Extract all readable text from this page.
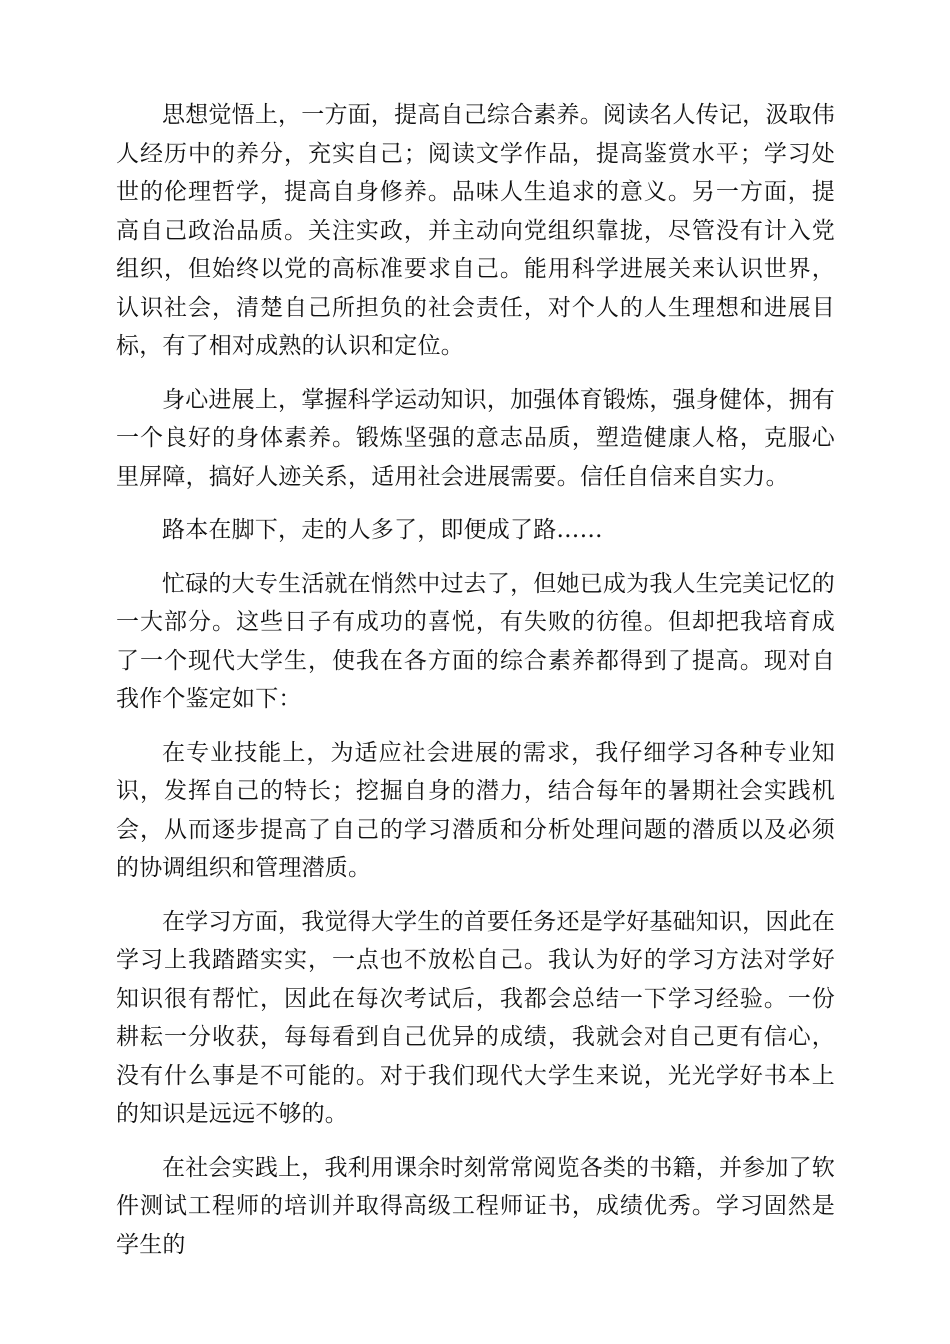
思想觉悟上，一方面，提高自己综合素养。阅读名人传记，汲取伟人经历中的养分，充实自己；阅读文学作品，提高鉴赏水平；学习处世的伦理哲学，提高自身修养。品味人生追求的意义。另一方面，提高自己政治品质。关注实政，并主动向党组织靠拢，尽管没有计入党组织，但始终以党的高标准要求自己。能用科学进展关来认识世界，认识社会，清楚自己所担负的社会责任，对个人的人生理想和进展目标，有了相对成熟的认识和定位。

身心进展上，掌握科学运动知识，加强体育锻炼，强身健体，拥有一个良好的身体素养。锻炼坚强的意志品质，塑造健康人格，克服心里屏障，搞好人迹关系，适用社会进展需要。信任自信来自实力。

路本在脚下，走的人多了，即便成了路……

忙碌的大专生活就在悄然中过去了，但她已成为我人生完美记忆的一大部分。这些日子有成功的喜悦，有失败的彷徨。但却把我培育成了一个现代大学生，使我在各方面的综合素养都得到了提高。现对自我作个鉴定如下：

在专业技能上，为适应社会进展的需求，我仔细学习各种专业知识，发挥自己的特长；挖掘自身的潜力，结合每年的暑期社会实践机会，从而逐步提高了自己的学习潜质和分析处理问题的潜质以及必须的协调组织和管理潜质。

在学习方面，我觉得大学生的首要任务还是学好基础知识，因此在学习上我踏踏实实，一点也不放松自己。我认为好的学习方法对学好知识很有帮忙，因此在每次考试后，我都会总结一下学习经验。一份耕耘一分收获，每每看到自己优异的成绩，我就会对自己更有信心，没有什么事是不可能的。对于我们现代大学生来说，光光学好书本上的知识是远远不够的。

在社会实践上，我利用课余时刻常常阅览各类的书籍，并参加了软件测试工程师的培训并取得高级工程师证书，成绩优秀。学习固然是学生的
